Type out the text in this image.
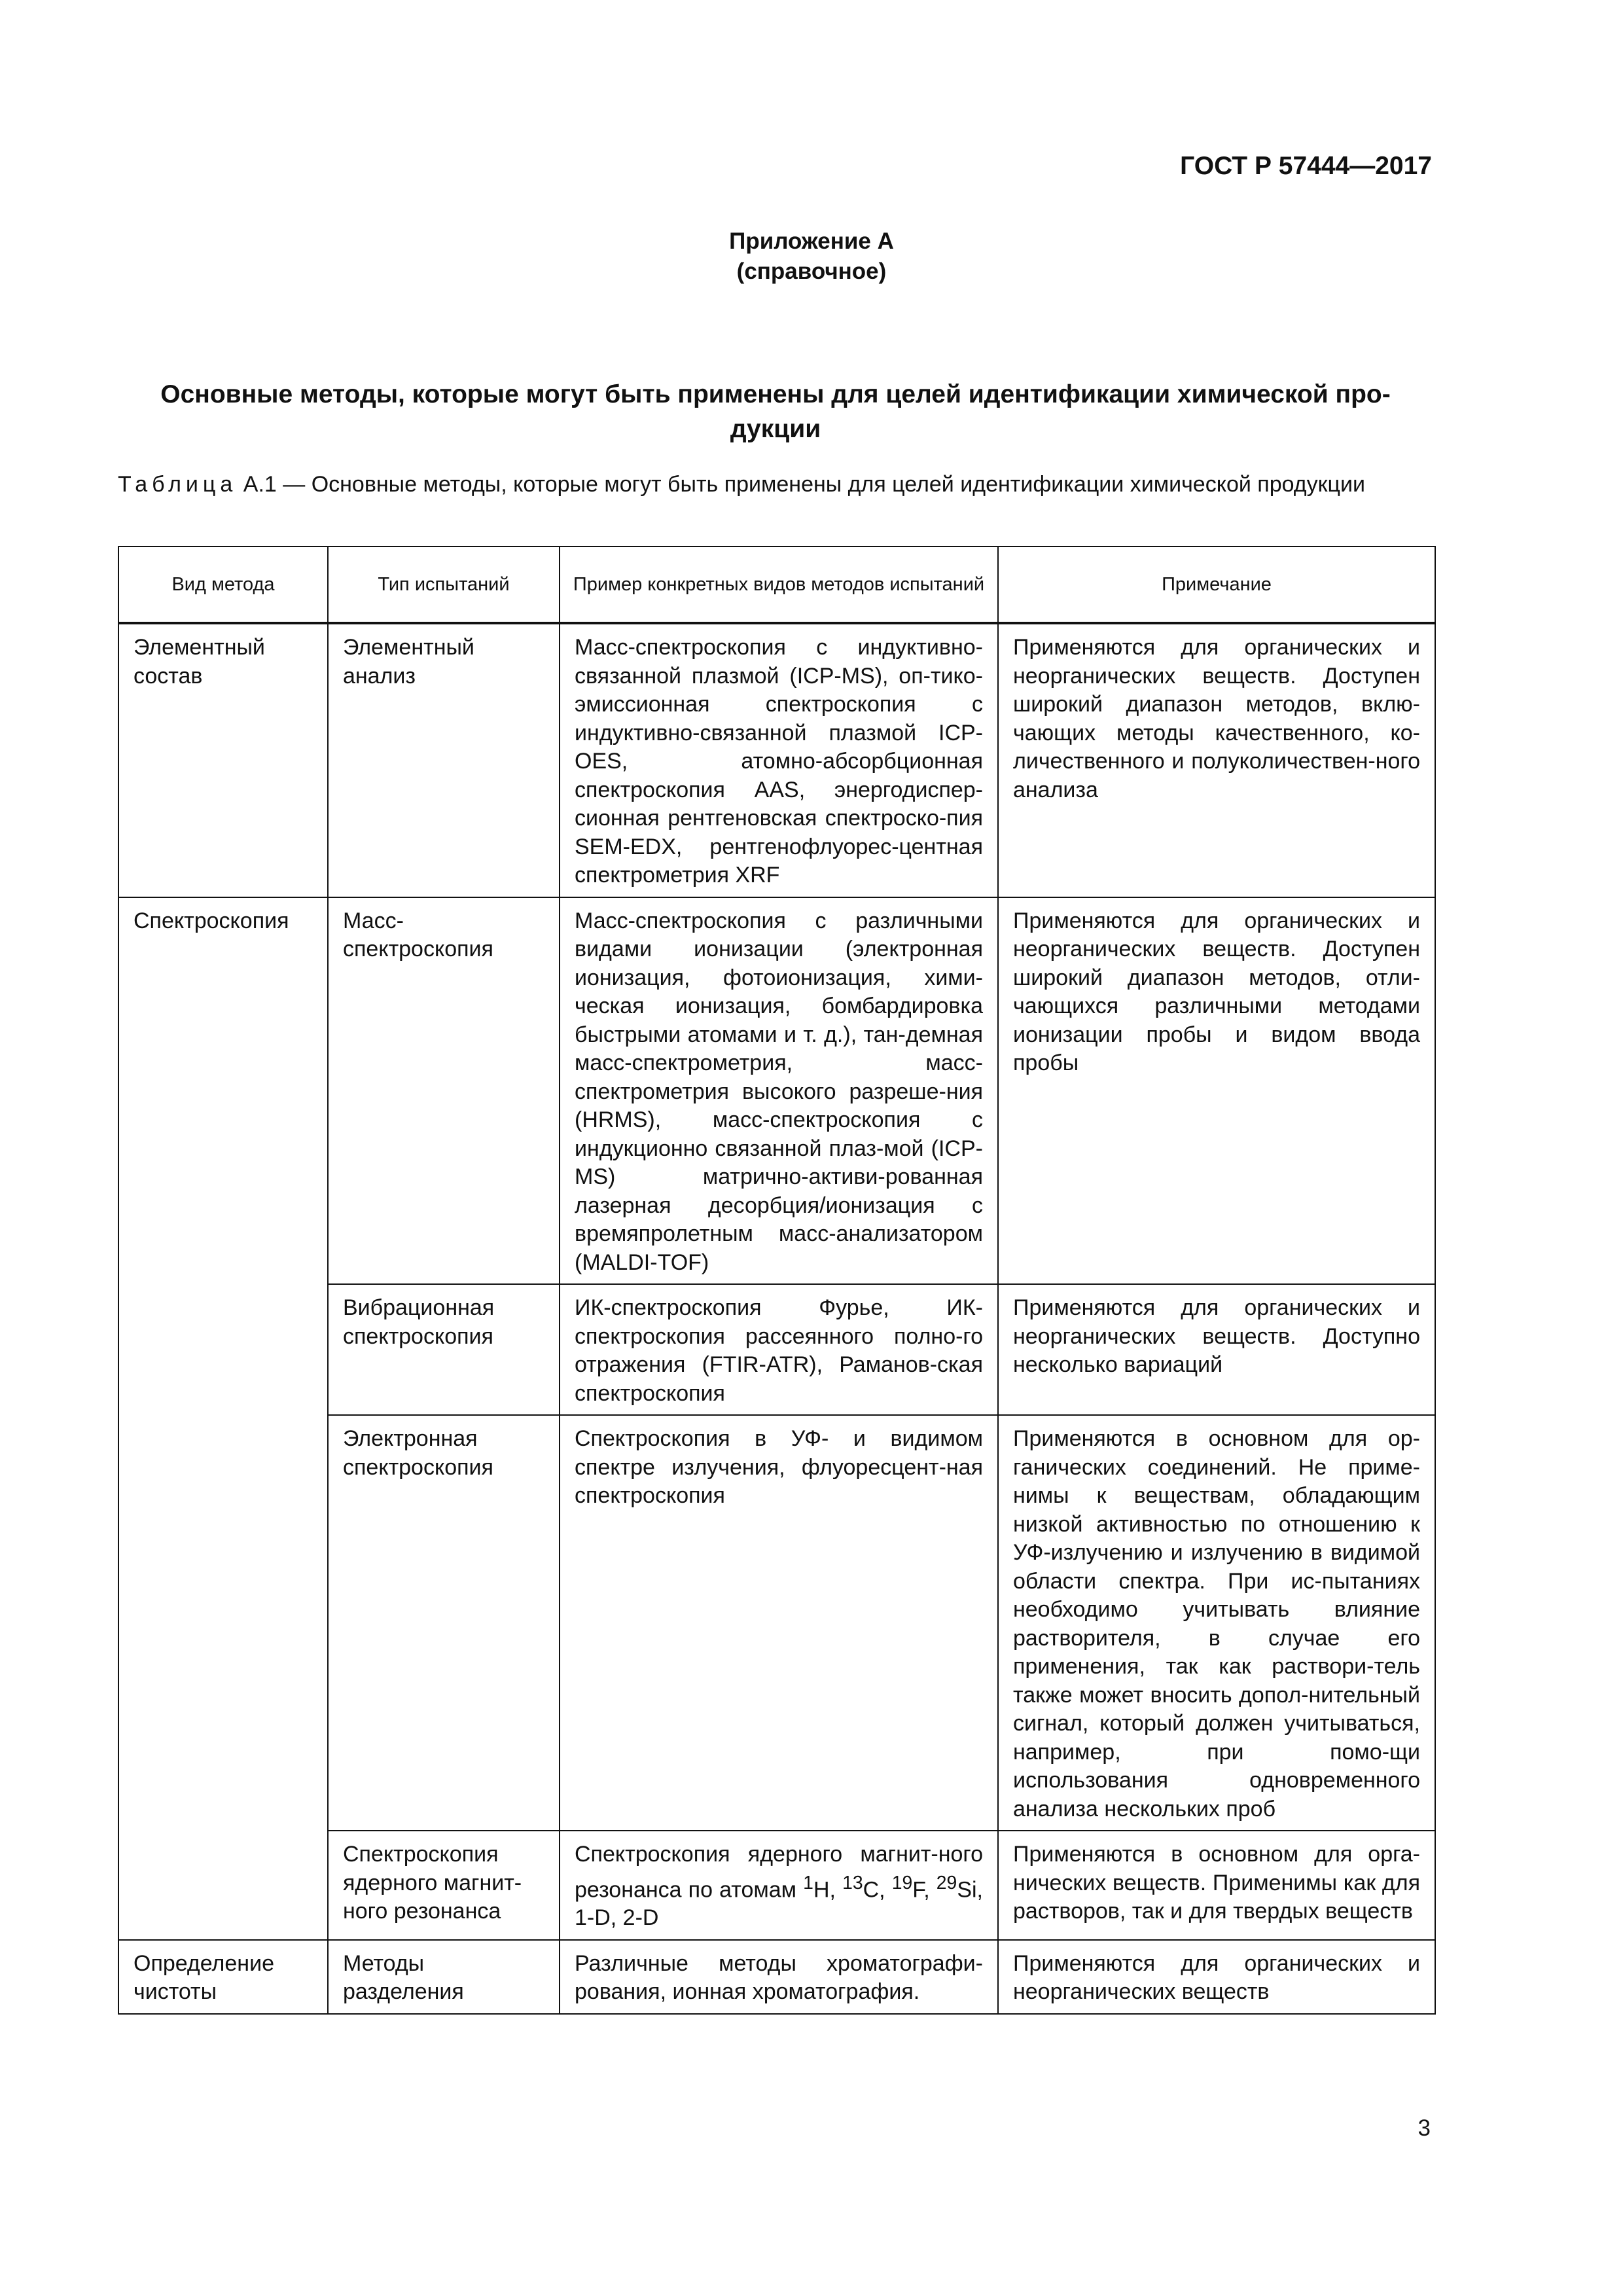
ГОСТ Р 57444—2017
Приложение А
(справочное)
Основные методы, которые могут быть применены для целей идентификации химической про-дукции
Таблица А.1 — Основные методы, которые могут быть применены для целей идентификации химической продукции
Вид метода	Тип испытаний	Пример конкретных видов методов испытаний	Примечание
Элементный состав	Элементный анализ	Масс-спектроскопия с индуктивно-связанной плазмой (ICP-MS), оп-тико-эмиссионная спектроскопия с индуктивно-связанной плазмой ICP-OES, атомно-абсорбционная спектроскопия AAS, энергодиспер-сионная рентгеновская спектроско-пия SEM-EDX, рентгенофлуорес-центная спектрометрия XRF	Применяются для органических и неорганических веществ. Доступен широкий диапазон методов, вклю-чающих методы качественного, ко-личественного и полуколичествен-ного анализа
Спектроскопия	Масс-спектроскопия	Масс-спектроскопия с различными видами ионизации (электронная ионизация, фотоионизация, хими-ческая ионизация, бомбардировка быстрыми атомами и т. д.), тан-демная масс-спектрометрия, масс-спектрометрия высокого разреше-ния (HRMS), масс-спектроскопия с индукционно связанной плаз-мой (ICP-MS) матрично-активи-рованная лазерная десорбция/ионизация с времяпролетным масс-анализатором (MALDI-TOF)	Применяются для органических и неорганических веществ. Доступен широкий диапазон методов, отли-чающихся различными методами ионизации пробы и видом ввода пробы
	Вибрационная спектроскопия	ИК-спектроскопия Фурье, ИК-спектроскопия рассеянного полно-го отражения (FTIR-ATR), Раманов-ская спектроскопия	Применяются для органических и неорганических веществ. Доступно несколько вариаций
	Электронная спектроскопия	Спектроскопия в УФ- и видимом спектре излучения, флуоресцент-ная спектроскопия	Применяются в основном для ор-ганических соединений. Не приме-нимы к веществам, обладающим низкой активностью по отношению к УФ-излучению и излучению в видимой области спектра. При ис-пытаниях необходимо учитывать влияние растворителя, в случае его применения, так как раствори-тель также может вносить допол-нительный сигнал, который должен учитываться, например, при помо-щи использования одновременного анализа нескольких проб
	Спектроскопия ядерного магнит-ного резонанса	Спектроскопия ядерного магнит-ного резонанса по атомам $^1$H, $^{13}$C, $^{19}$F, $^{29}$Si, 1-D, 2-D	Применяются в основном для орга-нических веществ. Применимы как для растворов, так и для твердых веществ
Определение чистоты	Методы разделения	Различные методы хроматографи-рования, ионная хроматография.	Применяются для органических и неорганических веществ
3
